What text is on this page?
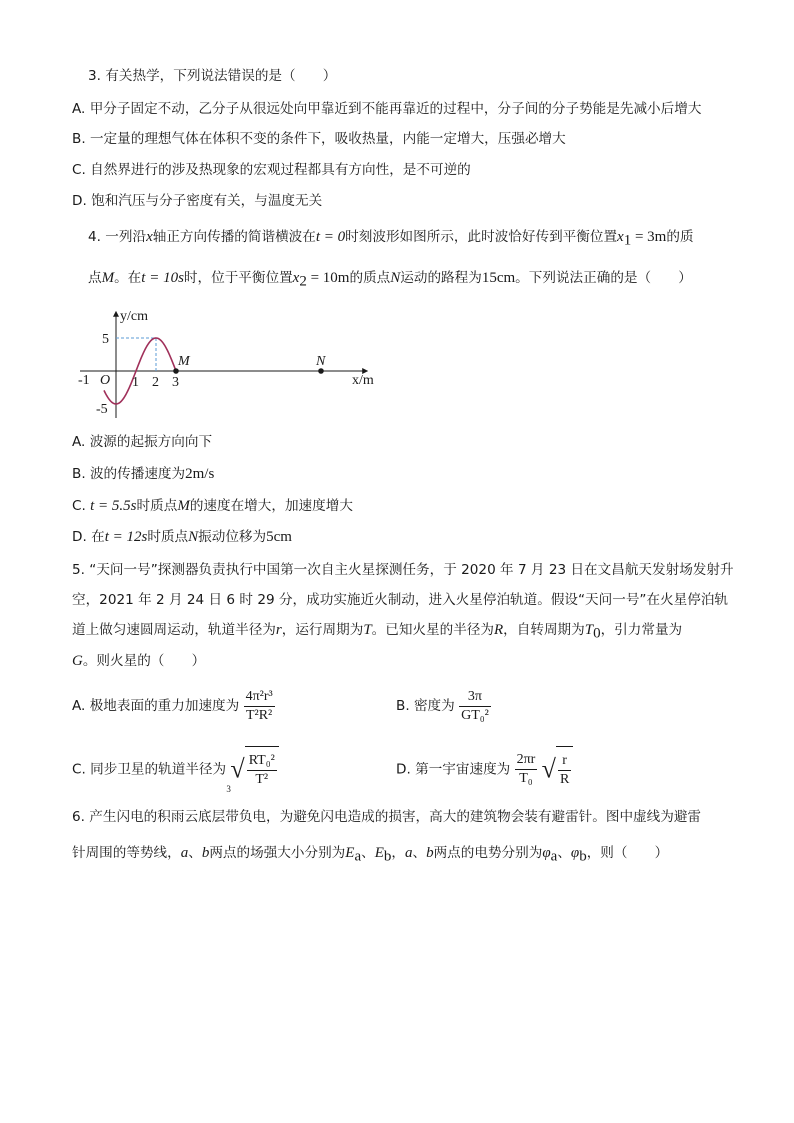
3. 有关热学，下列说法错误的是（　　）
A. 甲分子固定不动，乙分子从很远处向甲靠近到不能再靠近的过程中，分子间的分子势能是先减小后增大
B. 一定量的理想气体在体积不变的条件下，吸收热量，内能一定增大，压强必增大
C. 自然界进行的涉及热现象的宏观过程都具有方向性，是不可逆的
D. 饱和汽压与分子密度有关，与温度无关
4. 一列沿x轴正方向传播的简谐横波在t = 0时刻波形如图所示，此时波恰好传到平衡位置$x_1 = 3m$的质
点M。在t = 10s时，位于平衡位置$x_2 = 10m$的质点N运动的路程为15cm。下列说法正确的是（　　）
y/cm
x/m
5
-5
-1 O 1 2 3
M	N
A. 波源的起振方向向下
B. 波的传播速度为2m/s
C. t = 5.5s时质点M的速度在增大，加速度增大
D. 在t = 12s时质点N振动位移为5cm
5. “天问一号”探测器负责执行中国第一次自主火星探测任务，于 2020 年 7 月 23 日在文昌航天发射场发射升
空，2021 年 2 月 24 日 6 时 29 分，成功实施近火制动，进入火星停泊轨道。假设“天问一号”在火星停泊轨
道上做匀速圆周运动，轨道半径为r，运行周期为T。已知火星的半径为R，自转周期为$T_0$，引力常量为
G。则火星的（　　）
A. 极地表面的重力加速度为 $\frac{\text{4π²r³}}{\text{T²R²}}$	B. 密度为 $\frac{3\pi}{\text{GT₀²}}$
C. 同步卫星的轨道半径为
3
√ $\frac{\text{RT₀²}}{\text{T²}}$	D. 第一宇宙速度为 $\frac{2\pi r}{\text{T₀}}$ √ $\frac{r}{R}$
6. 产生闪电的积雨云底层带负电，为避免闪电造成的损害，高大的建筑物会装有避雷针。图中虚线为避雷
针周围的等势线，a、b两点的场强大小分别为$E_a$、$E_b$，a、b两点的电势分别为$\varphi_a$、$\varphi_b$，则（　　）
